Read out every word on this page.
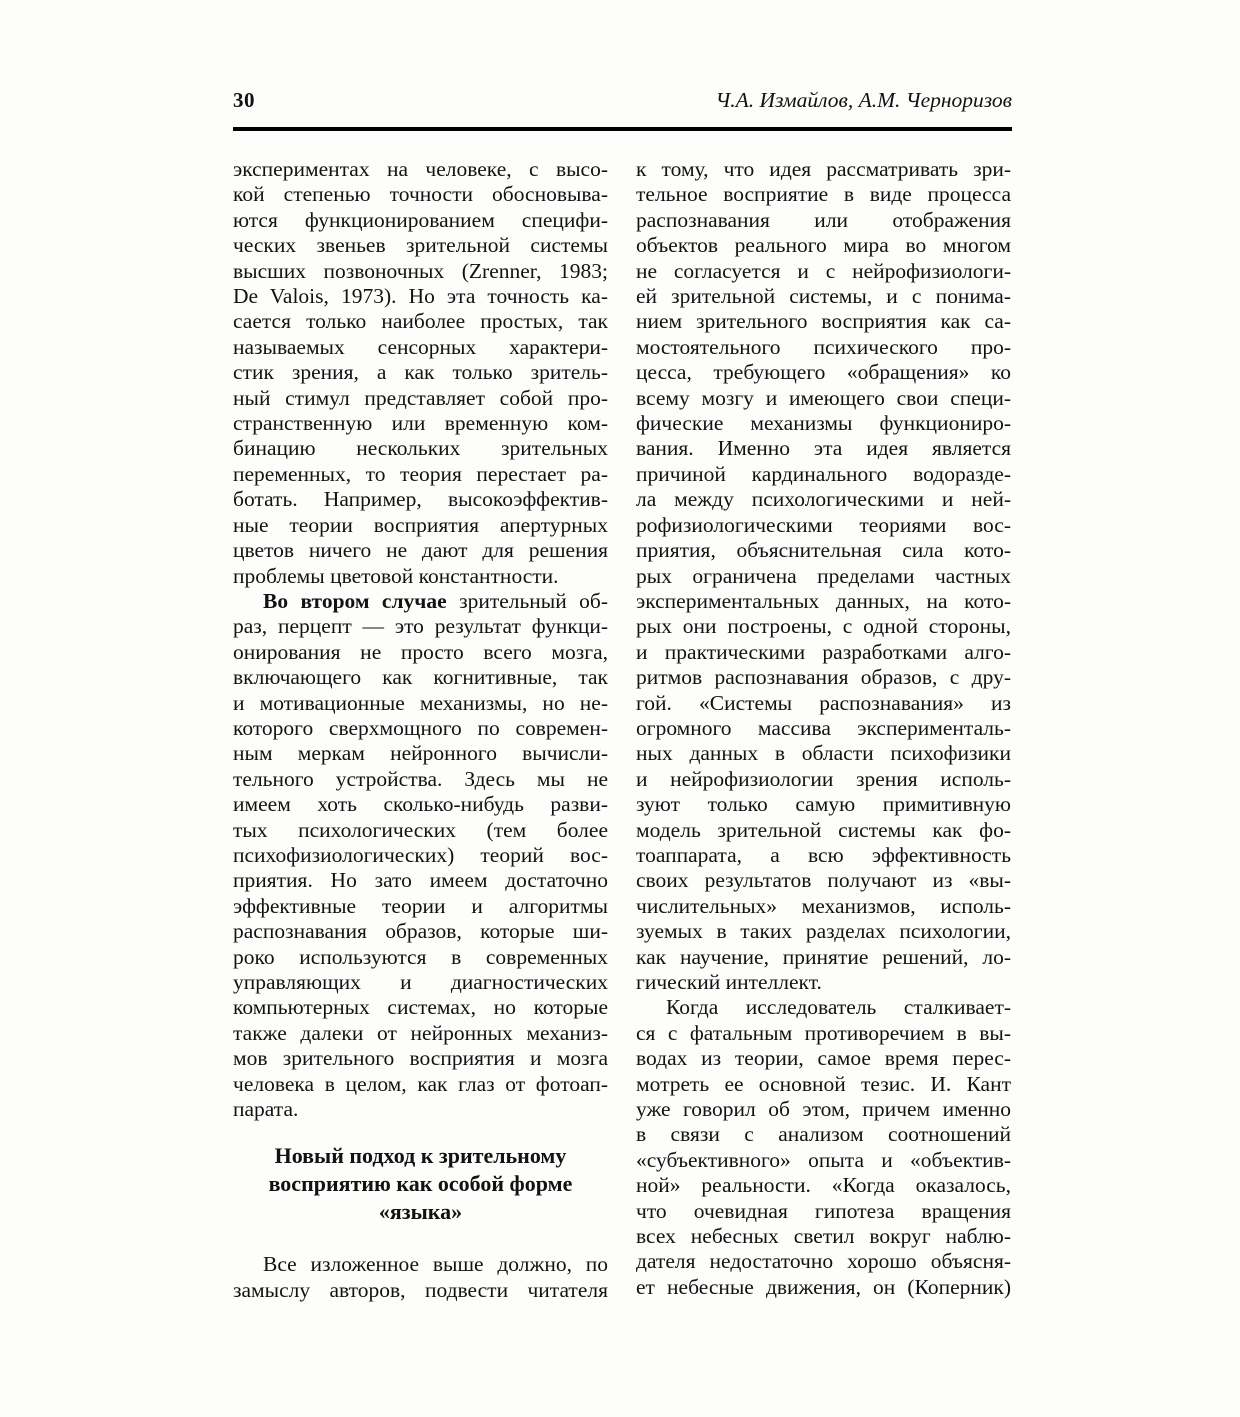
30	Ч.А. Измайлов, А.М. Черноризов
экспериментах на человеке, с высо-
кой степенью точности обосновыва-
ются функционированием специфи-
ческих звеньев зрительной системы
высших позвоночных (Zrenner, 1983;
De Valois, 1973). Но эта точность ка-
сается только наиболее простых, так
называемых сенсорных характери-
стик зрения, а как только зритель-
ный стимул представляет собой про-
странственную или временную ком-
бинацию нескольких зрительных
переменных, то теория перестает ра-
ботать. Например, высокоэффектив-
ные теории восприятия апертурных
цветов ничего не дают для решения
проблемы цветовой константности.
Во втором случае зрительный об-
раз, перцепт — это результат функци-
онирования не просто всего мозга,
включающего как когнитивные, так
и мотивационные механизмы, но не-
которого сверхмощного по современ-
ным меркам нейронного вычисли-
тельного устройства. Здесь мы не
имеем хоть сколько-нибудь разви-
тых психологических (тем более
психофизиологических) теорий вос-
приятия. Но зато имеем достаточно
эффективные теории и алгоритмы
распознавания образов, которые ши-
роко используются в современных
управляющих и диагностических
компьютерных системах, но которые
также далеки от нейронных механиз-
мов зрительного восприятия и мозга
человека в целом, как глаз от фотоап-
парата.
Новый подход к зрительному
восприятию как особой форме
«языка»
Все изложенное выше должно, по
замыслу авторов, подвести читателя
к тому, что идея рассматривать зри-
тельное восприятие в виде процесса
распознавания или отображения
объектов реального мира во многом
не согласуется и с нейрофизиологи-
ей зрительной системы, и с понима-
нием зрительного восприятия как са-
мостоятельного психического про-
цесса, требующего «обращения» ко
всему мозгу и имеющего свои специ-
фические механизмы функциониро-
вания. Именно эта идея является
причиной кардинального водоразде-
ла между психологическими и ней-
рофизиологическими теориями вос-
приятия, объяснительная сила кото-
рых ограничена пределами частных
экспериментальных данных, на кото-
рых они построены, с одной стороны,
и практическими разработками алго-
ритмов распознавания образов, с дру-
гой. «Системы распознавания» из
огромного массива эксперименталь-
ных данных в области психофизики
и нейрофизиологии зрения исполь-
зуют только самую примитивную
модель зрительной системы как фо-
тоаппарата, а всю эффективность
своих результатов получают из «вы-
числительных» механизмов, исполь-
зуемых в таких разделах психологии,
как научение, принятие решений, ло-
гический интеллект.
Когда исследователь сталкивает-
ся с фатальным противоречием в вы-
водах из теории, самое время перес-
мотреть ее основной тезис. И. Кант
уже говорил об этом, причем именно
в связи с анализом соотношений
«субъективного» опыта и «объектив-
ной» реальности. «Когда оказалось,
что очевидная гипотеза вращения
всех небесных светил вокруг наблю-
дателя недостаточно хорошо объясня-
ет небесные движения, он (Коперник)
